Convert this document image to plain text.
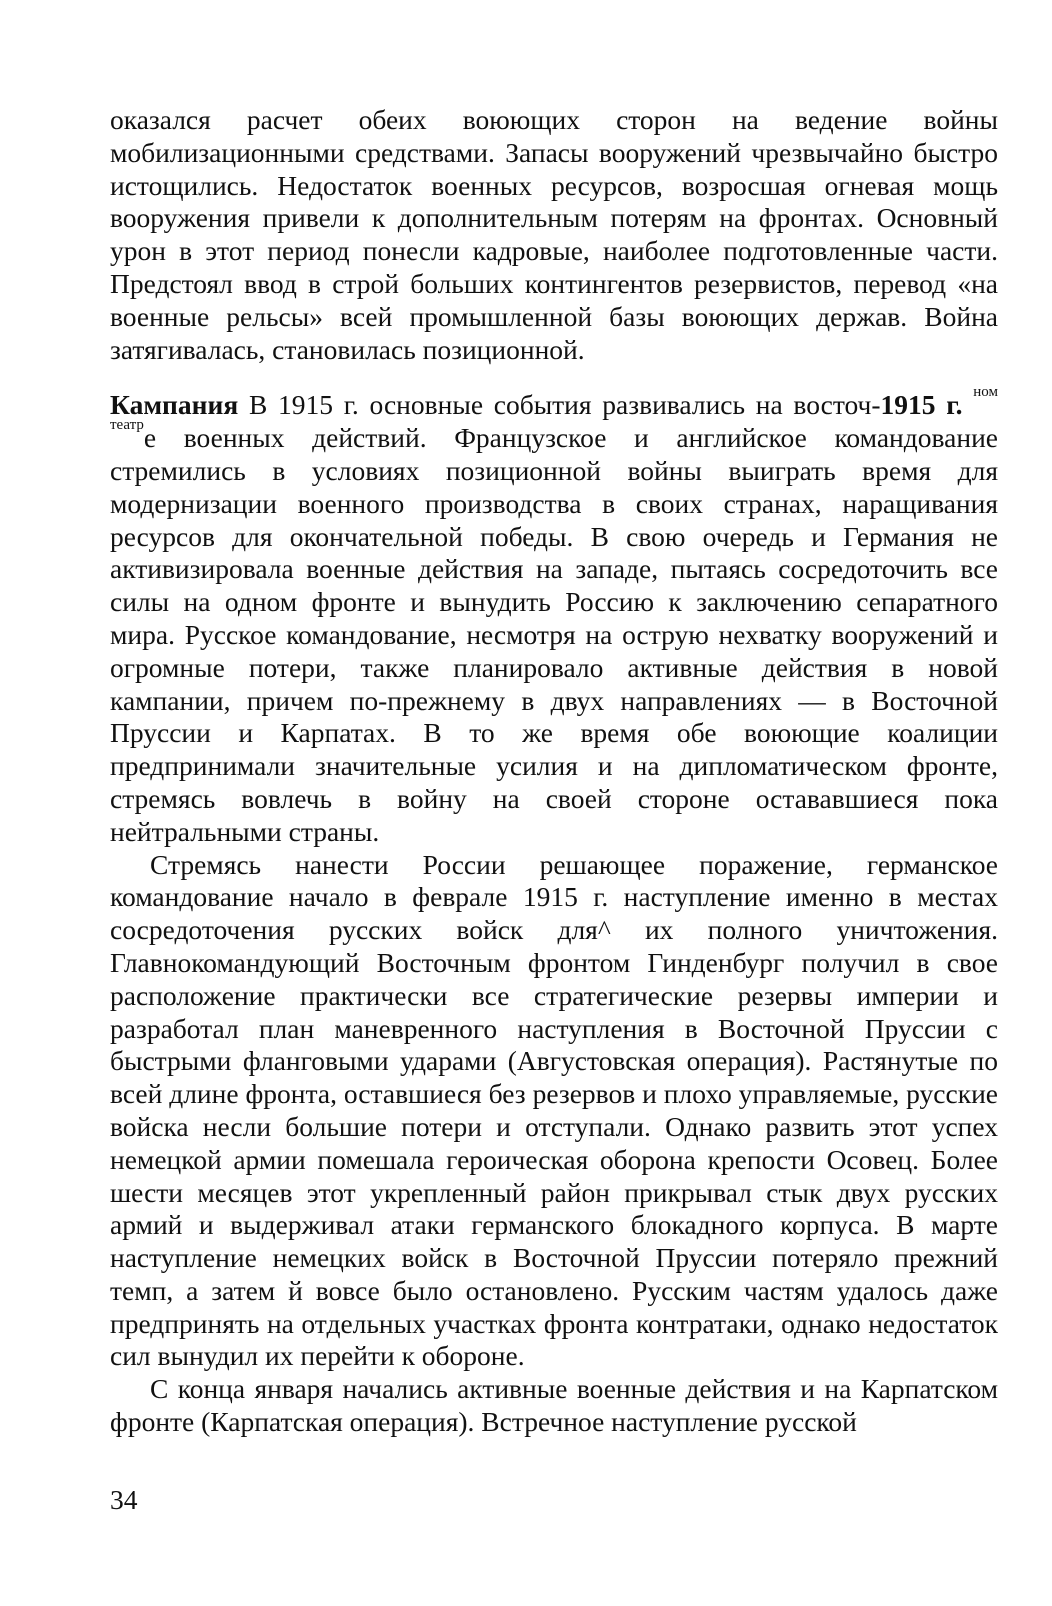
оказался расчет обеих воюющих сторон на ведение войны мобилизационными средствами. Запасы вооружений чрезвычайно быстро истощились. Недостаток военных ресурсов, возросшая огневая мощь вооружения привели к дополнительным потерям на фронтах. Основный урон в этот период понесли кадровые, наиболее подготовленные части. Предстоял ввод в строй больших контингентов резервистов, перевод «на военные рельсы» всей промышленной базы воюющих держав. Война затягивалась, становилась позиционной.

Кампания В 1915 г. основные события развивались на восточ-1915 г. $^{ном}$ $^{театр}$е военных действий. Французское и английское командование стремились в условиях позиционной войны выиграть время для модернизации военного производства в своих странах, наращивания ресурсов для окончательной победы. В свою очередь и Германия не активизировала военные действия на западе, пытаясь сосредоточить все силы на одном фронте и вынудить Россию к заключению сепаратного мира. Русское командование, несмотря на острую нехватку вооружений и огромные потери, также планировало активные действия в новой кампании, причем по-прежнему в двух направлениях — в Восточной Пруссии и Карпатах. В то же время обе воюющие коалиции предпринимали значительные усилия и на дипломатическом фронте, стремясь вовлечь в войну на своей стороне остававшиеся пока нейтральными страны.

Стремясь нанести России решающее поражение, германское командование начало в феврале 1915 г. наступление именно в местах сосредоточения русских войск для^ их полного уничтожения. Главнокомандующий Восточным фронтом Гинденбург получил в свое расположение практически все стратегические резервы империи и разработал план маневренного наступления в Восточной Пруссии с быстрыми фланговыми ударами (Августовская операция). Растянутые по всей длине фронта, оставшиеся без резервов и плохо управляемые, русские войска несли большие потери и отступали. Однако развить этот успех немецкой армии помешала героическая оборона крепости Осовец. Более шести месяцев этот укрепленный район прикрывал стык двух русских армий и выдерживал атаки германского блокадного корпуса. В марте наступление немецких войск в Восточной Пруссии потеряло прежний темп, а затем й вовсе было остановлено. Русским частям удалось даже предпринять на отдельных участках фронта контратаки, однако недостаток сил вынудил их перейти к обороне.

С конца января начались активные военные действия и на Карпатском фронте (Карпатская операция). Встречное наступление русской

34
